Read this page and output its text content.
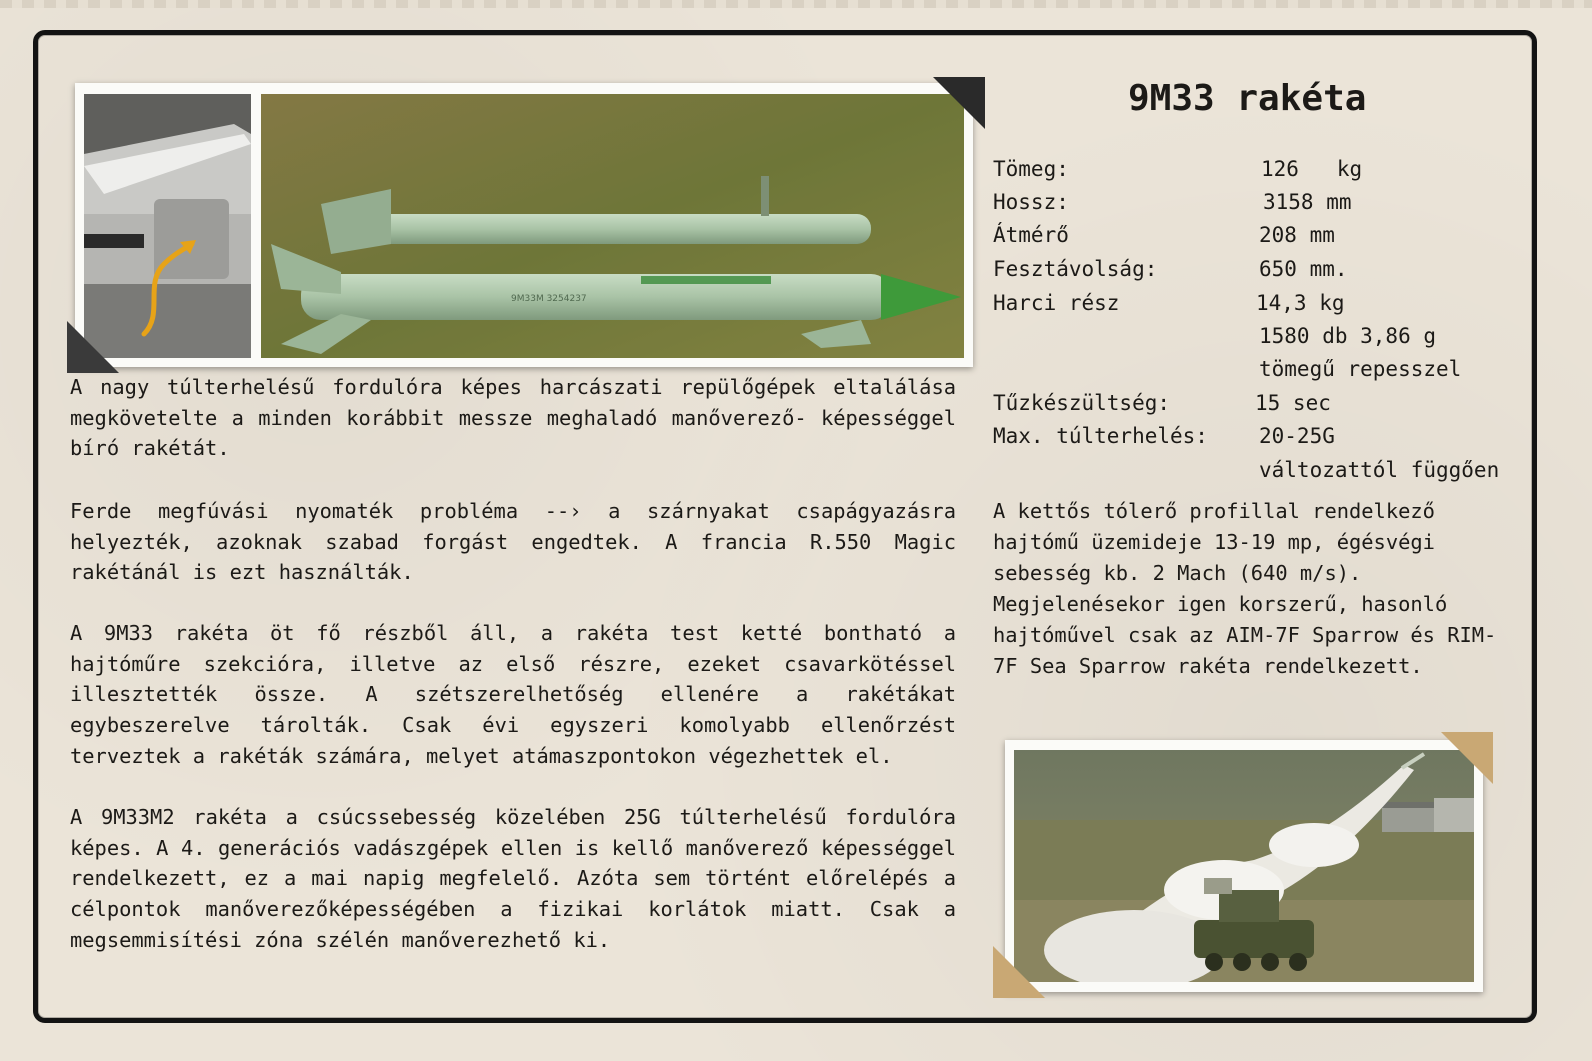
9M33M 3254237
9M33 rakéta
Tömeg:	126   kg
Hossz:	3158 mm
Átmérő	208 mm
Fesztávolság:	650 mm.
Harci rész	14,3 kg
1580 db 3,86 g
tömegű repesszel
Tűzkészültség:	15 sec
Max. túlterhelés: 20-25G
változattól függően

A nagy túlterhelésű fordulóra képes harcászati repülőgépek eltalálása megkövetelte a minden korábbit messze meghaladó manőverező- képességgel bíró rakétát.

Ferde megfúvási nyomaték probléma --› a szárnyakat csapágyazásra helyezték, azoknak szabad forgást engedtek. A francia R.550 Magic rakétánál is ezt használták.

A 9M33 rakéta öt fő részből áll, a rakéta test ketté bontható a hajtóműre szekcióra, illetve az első részre, ezeket csavarkötéssel illesztették össze. A szétszerelhetőség ellenére a rakétákat egybeszerelve tárolták. Csak évi egyszeri komolyabb ellenőrzést terveztek a rakéták számára, melyet atámaszpontokon végezhettek el.

A 9M33M2 rakéta a csúcssebesség közelében 25G túlterhelésű fordulóra képes. A 4. generációs vadászgépek ellen is kellő manőverező képességgel rendelkezett, ez a mai napig megfelelő. Azóta sem történt előrelépés a célpontok manőverezőképességében a fizikai korlátok miatt. Csak a megsemmisítési zóna szélén manőverezhető ki.

A kettős tólerő profillal rendelkező hajtómű üzemideje 13-19 mp, égésvégi sebesség kb. 2 Mach (640 m/s). Megjelenésekor igen korszerű, hasonló hajtóművel csak az AIM-7F Sparrow és RIM-7F Sea Sparrow rakéta rendelkezett.
